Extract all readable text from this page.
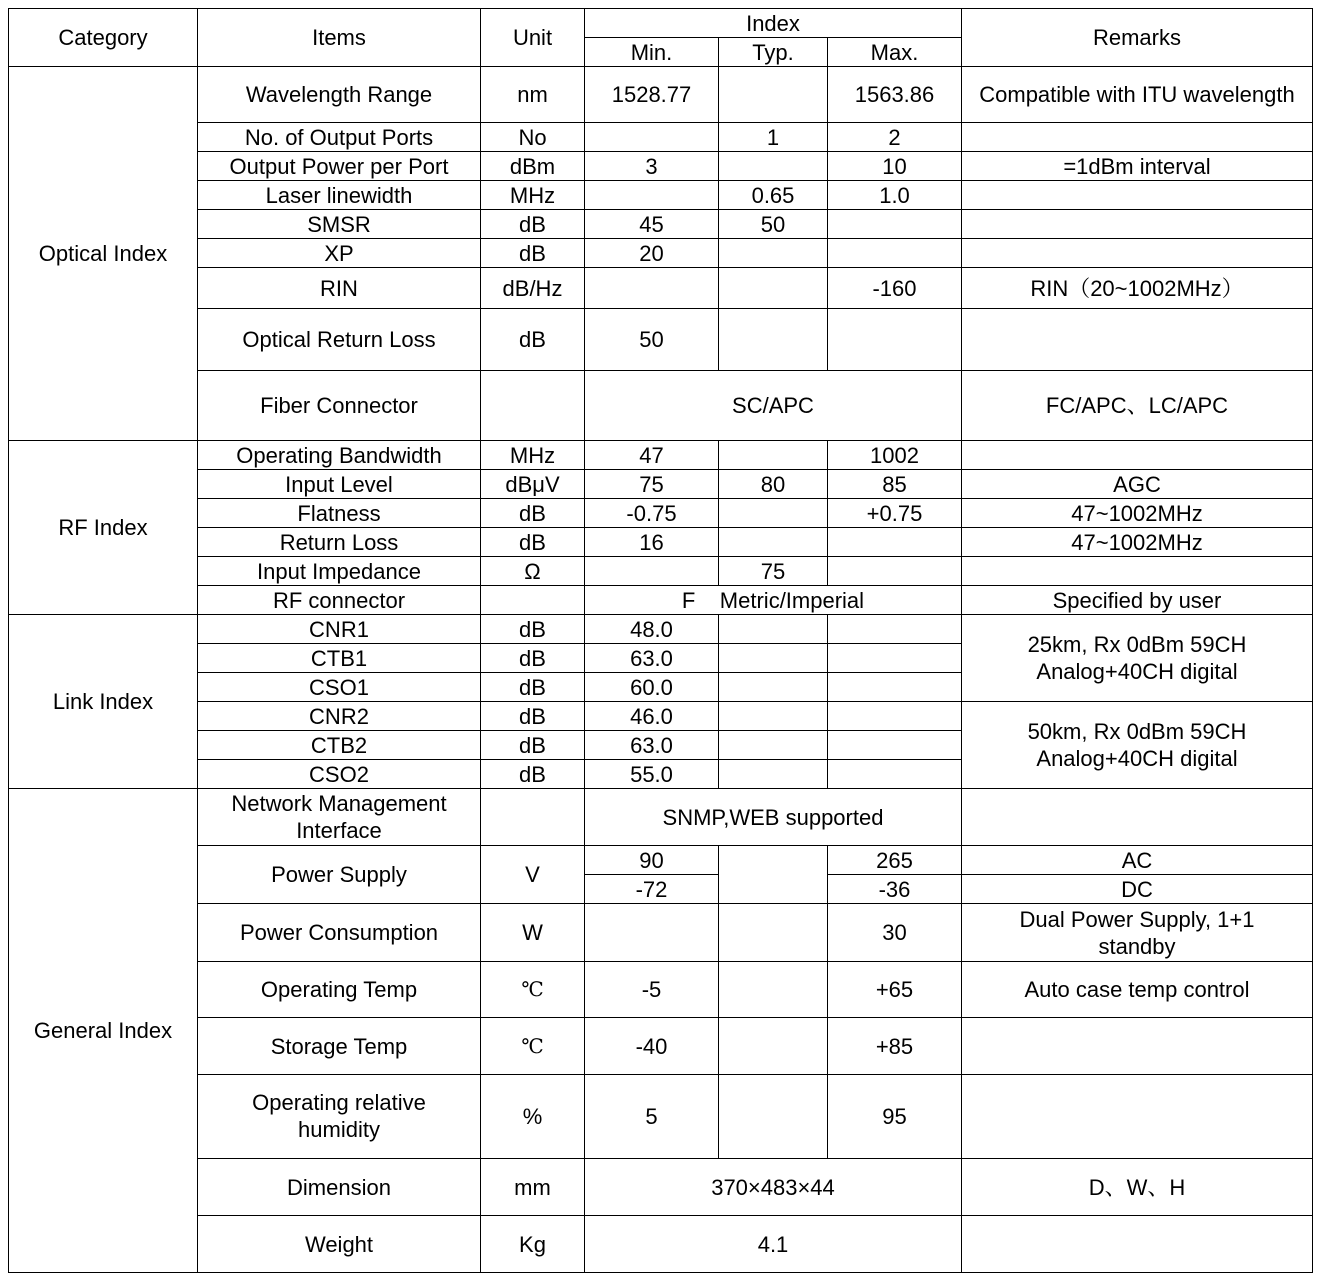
Category	Items	Unit	Index			Remarks
			Min.	Typ.	Max.	
Optical Index	Wavelength Range	nm	1528.77		1563.86	Compatible with ITU wavelength
	No. of Output Ports	No		1	2	
	Output Power per Port	dBm	3		10	=1dBm interval
	Laser linewidth	MHz		0.65	1.0	
	SMSR	dB	45	50		
	XP	dB	20			
	RIN	dB/Hz			-160	RIN（20~1002MHz）
	Optical Return Loss	dB	50			
	Fiber Connector		SC/APC			FC/APC、LC/APC
RF Index	Operating Bandwidth	MHz	47		1002	
	Input Level	dBμV	75	80	85	AGC
	Flatness	dB	-0.75		+0.75	47~1002MHz
	Return Loss	dB	16			47~1002MHz
	Input Impedance	Ω		75		
	RF connector		F    Metric/Imperial			Specified by user
Link Index	CNR1	dB	48.0			25km, Rx 0dBm 59CH Analog+40CH digital
	CTB1	dB	63.0			
	CSO1	dB	60.0			
	CNR2	dB	46.0			50km, Rx 0dBm 59CH Analog+40CH digital
	CTB2	dB	63.0			
	CSO2	dB	55.0			
General Index	Network Management Interface		SNMP,WEB supported			
	Power Supply	V	90		265	AC
			-72		-36	DC
	Power Consumption	W			30	Dual Power Supply, 1+1 standby
	Operating Temp	℃	-5		+65	Auto case temp control
	Storage Temp	℃	-40		+85	
	Operating relative humidity	%	5		95	
	Dimension	mm	370×483×44			D、W、H
	Weight	Kg	4.1			
